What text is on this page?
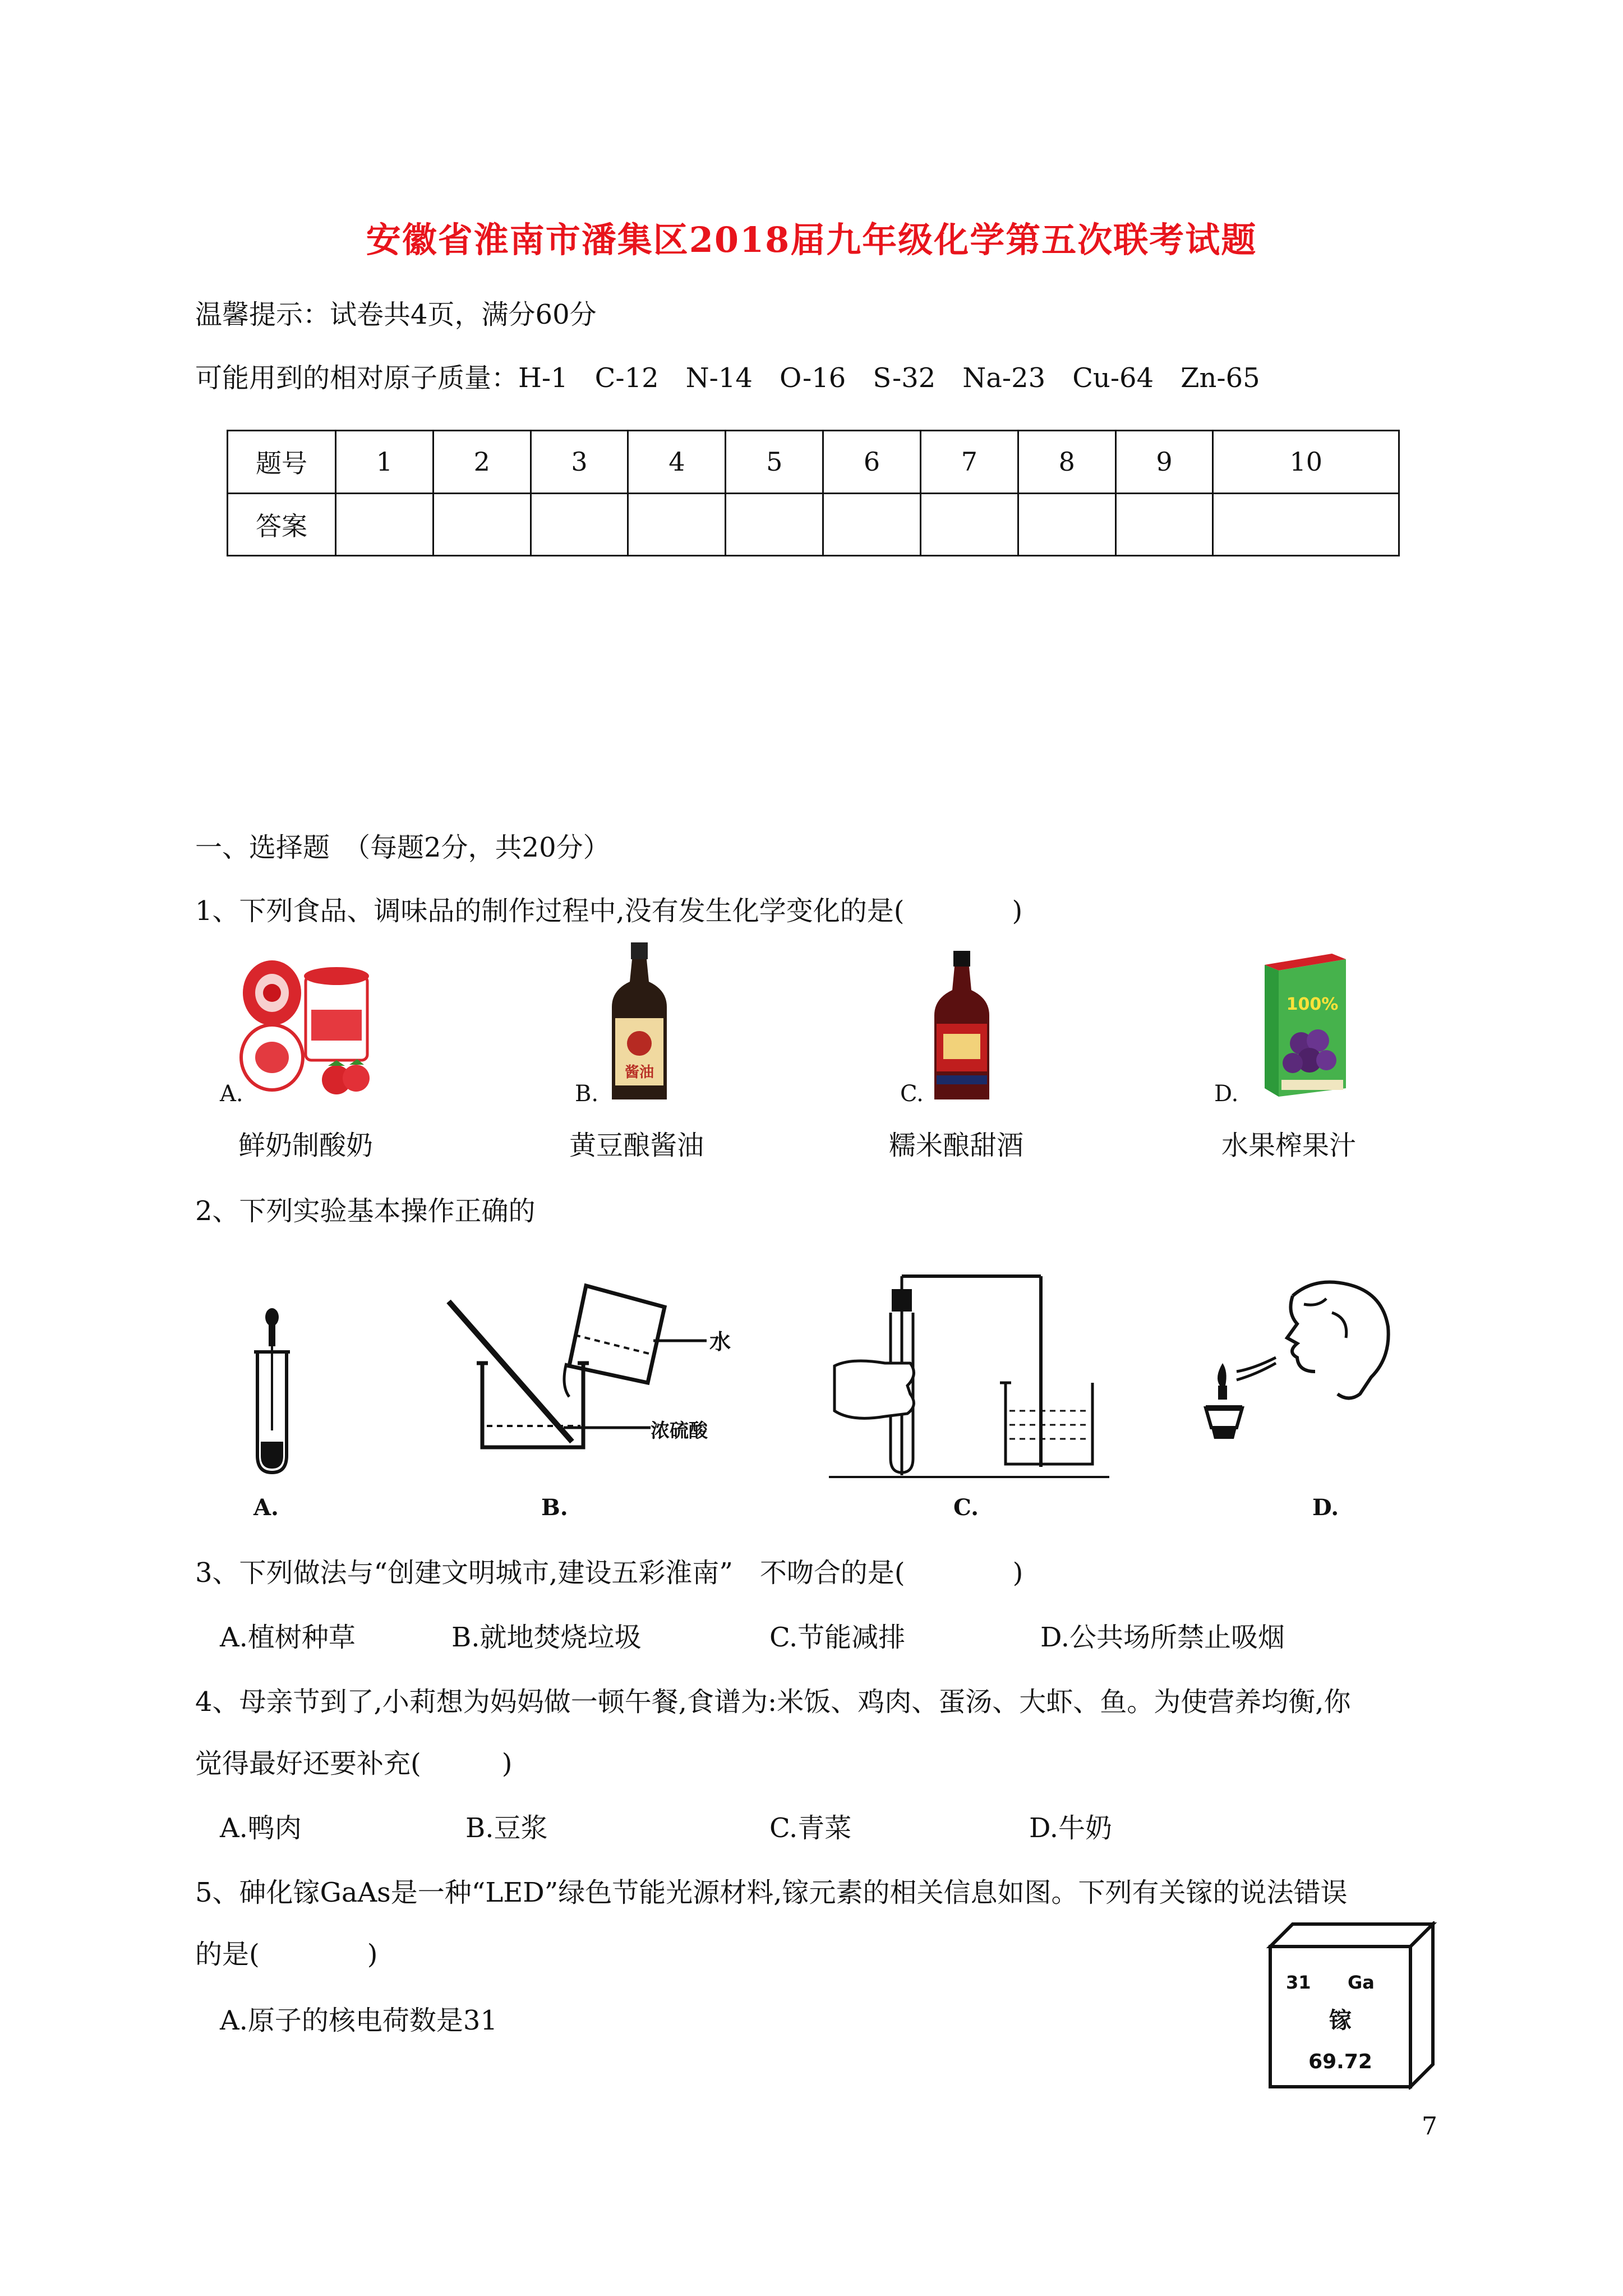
安徽省淮南市潘集区2018届九年级化学第五次联考试题
温馨提示：试卷共4页，满分60分
可能用到的相对原子质量：H-1　C-12　N-14　O-16　S-32　Na-23　Cu-64　Zn-65
题号	1	2	3	4	5	6	7	8	9	10
答案										
一、选择题　（每题2分，共20分）
1、下列食品、调味品的制作过程中,没有发生化学变化的是(　　　　)
酱油
100%
A.	B.	C.	D.
鲜奶制酸奶	黄豆酿酱油	糯米酿甜酒	水果榨果汁
2、下列实验基本操作正确的
水
浓硫酸
A.	B.	C.	D.
3、下列做法与“创建文明城市,建设五彩淮南”　不吻合的是(　　　　)
A.植树种草	B.就地焚烧垃圾	C.节能减排	D.公共场所禁止吸烟
4、母亲节到了,小莉想为妈妈做一顿午餐,食谱为:米饭、鸡肉、蛋汤、大虾、鱼。为使营养均衡,你
觉得最好还要补充(　　　)
A.鸭肉	B.豆浆	C.青菜	D.牛奶
5、砷化镓GaAs是一种“LED”绿色节能光源材料,镓元素的相关信息如图。下列有关镓的说法错误
的是(　　　　)
A.原子的核电荷数是31
31 Ga
镓
69.72
7
